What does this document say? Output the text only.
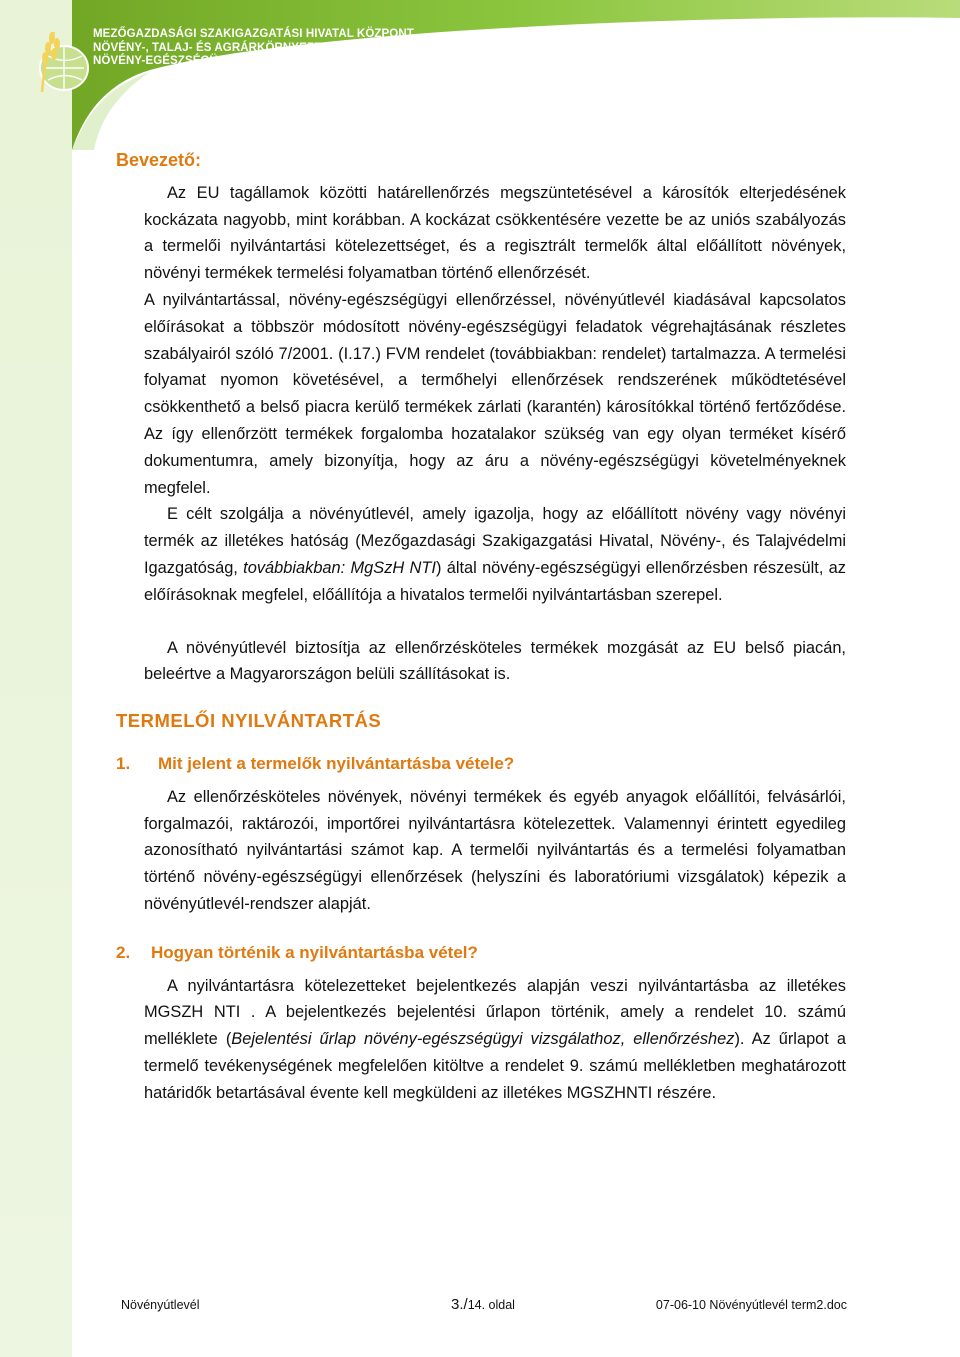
MEZŐGAZDASÁGI SZAKIGAZGATÁSI HIVATAL KÖZPONT
NÖVÉNY-, TALAJ- ÉS AGRÁRKÖRNYEZET-VÉDELMI IGAZGATÓSÁG
NÖVÉNY-EGÉSZSÉGÜGYI OSZTÁLY
Bevezető:

Az EU tagállamok közötti határellenőrzés megszüntetésével a károsítók elterjedésének kockázata nagyobb, mint korábban. A kockázat csökkentésére vezette be az uniós szabályozás a termelői nyilvántartási kötelezettséget, és a regisztrált termelők által előállított növények, növényi termékek termelési folyamatban történő ellenőrzését.

A nyilvántartással, növény-egészségügyi ellenőrzéssel, növényútlevél kiadásával kapcsolatos előírásokat a többször módosított növény-egészségügyi feladatok végrehajtásának részletes szabályairól szóló 7/2001. (I.17.) FVM rendelet (továbbiakban: rendelet) tartalmazza. A termelési folyamat nyomon követésével, a termőhelyi ellenőrzések rendszerének működtetésével csökkenthető a belső piacra kerülő termékek zárlati (karantén) károsítókkal történő fertőződése. Az így ellenőrzött termékek forgalomba hozatalakor szükség van egy olyan terméket kísérő dokumentumra, amely bizonyítja, hogy az áru a növény-egészségügyi követelményeknek megfelel.

E célt szolgálja a növényútlevél, amely igazolja, hogy az előállított növény vagy növényi termék az illetékes hatóság (Mezőgazdasági Szakigazgatási Hivatal, Növény-, és Talajvédelmi Igazgatóság, továbbiakban: MgSzH NTI) által növény-egészségügyi ellenőrzésben részesült, az előírásoknak megfelel, előállítója a hivatalos termelői nyilvántartásban szerepel.

A növényútlevél biztosítja az ellenőrzésköteles termékek mozgását az EU belső piacán, beleértve a Magyarországon belüli szállításokat is.

TERMELŐI NYILVÁNTARTÁS
1.	Mit jelent a termelők nyilvántartásba vétele?

Az ellenőrzésköteles növények, növényi termékek és egyéb anyagok előállítói, felvásárlói, forgalmazói, raktározói, importőrei nyilvántartásra kötelezettek. Valamennyi érintett egyedileg azonosítható nyilvántartási számot kap. A termelői nyilvántartás és a termelési folyamatban történő növény-egészségügyi ellenőrzések (helyszíni és laboratóriumi vizsgálatok) képezik a növényútlevél-rendszer alapját.

2.	Hogyan történik a nyilvántartásba vétel?

A nyilvántartásra kötelezetteket bejelentkezés alapján veszi nyilvántartásba az illetékes MGSZH NTI . A bejelentkezés bejelentési űrlapon történik, amely a rendelet 10. számú melléklete (Bejelentési űrlap növény-egészségügyi vizsgálathoz, ellenőrzéshez). Az űrlapot a termelő tevékenységének megfelelően kitöltve a rendelet 9. számú mellékletben meghatározott határidők betartásával évente kell megküldeni az illetékes MGSZHNTI részére.

Növényútlevél	3./14. oldal	07-06-10 Növényútlevél term2.doc
